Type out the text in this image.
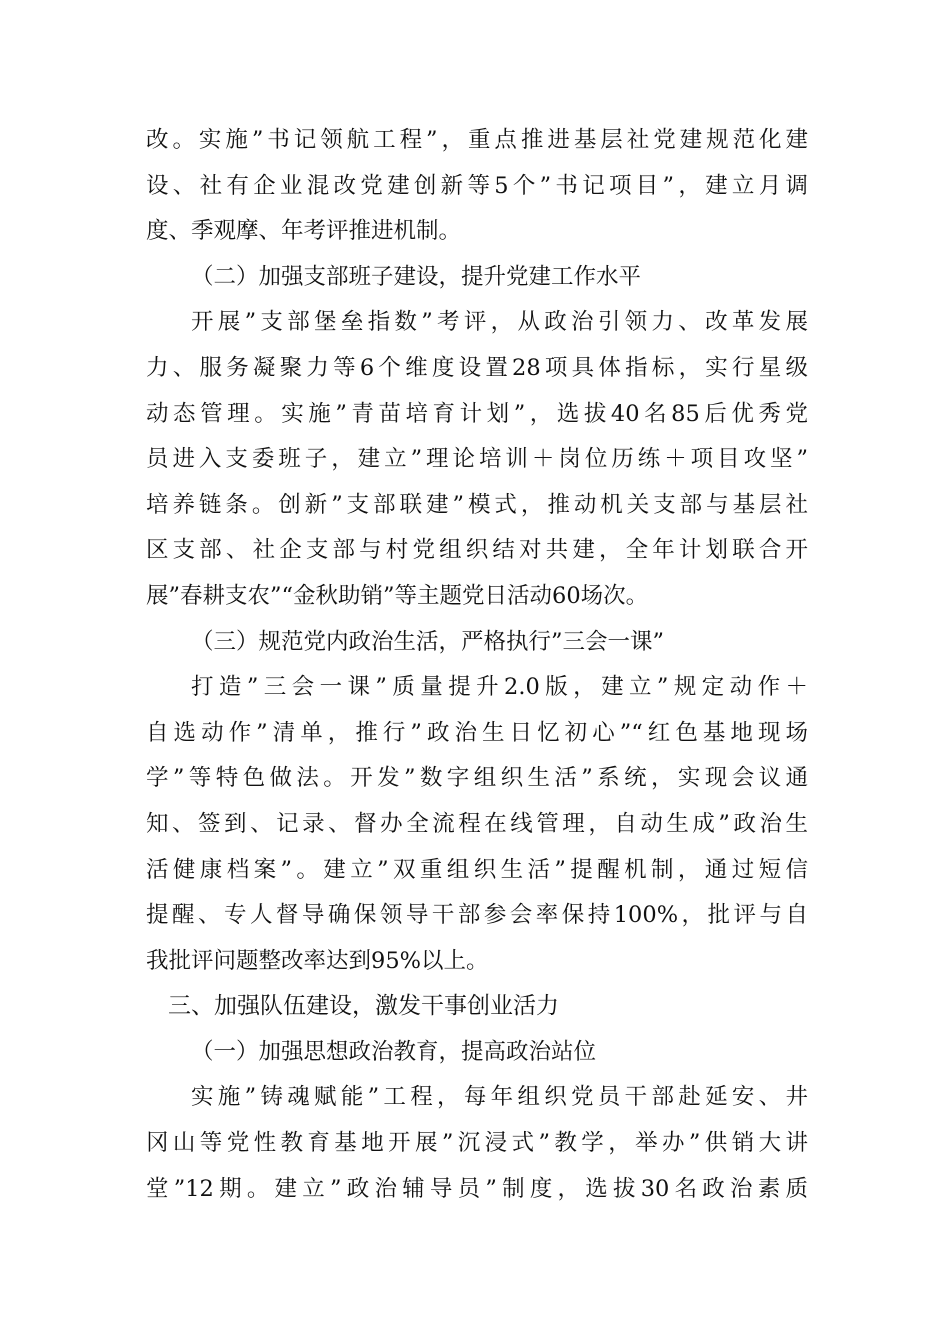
改。实施”书记领航工程”，重点推进基层社党建规范化建
设、社有企业混改党建创新等5个”书记项目”，建立月调
度、季观摩、年考评推进机制。
（二）加强支部班子建设，提升党建工作水平
开展”支部堡垒指数”考评，从政治引领力、改革发展
力、服务凝聚力等6个维度设置28项具体指标，实行星级
动态管理。实施”青苗培育计划”，选拔40名85后优秀党
员进入支委班子，建立”理论培训＋岗位历练＋项目攻坚”
培养链条。创新”支部联建”模式，推动机关支部与基层社
区支部、社企支部与村党组织结对共建，全年计划联合开
展”春耕支农”“金秋助销”等主题党日活动60场次。
（三）规范党内政治生活，严格执行”三会一课”
打造”三会一课”质量提升2.0版，建立”规定动作＋
自选动作”清单，推行”政治生日忆初心”“红色基地现场
学”等特色做法。开发”数字组织生活”系统，实现会议通
知、签到、记录、督办全流程在线管理，自动生成”政治生
活健康档案”。建立”双重组织生活”提醒机制，通过短信
提醒、专人督导确保领导干部参会率保持100%，批评与自
我批评问题整改率达到95%以上。
三、加强队伍建设，激发干事创业活力
（一）加强思想政治教育，提高政治站位
实施”铸魂赋能”工程，每年组织党员干部赴延安、井
冈山等党性教育基地开展”沉浸式”教学，举办”供销大讲
堂”12期。建立”政治辅导员”制度，选拔30名政治素质
